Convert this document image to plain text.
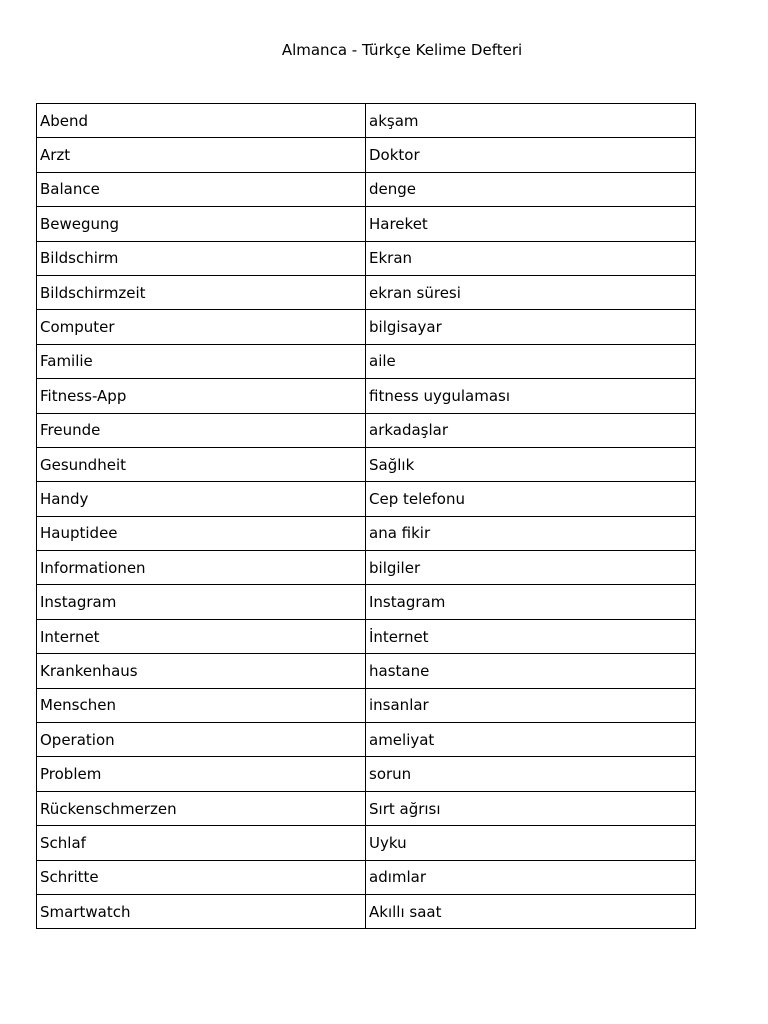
Almanca - Türkçe Kelime Defteri
Abend	akşam
Arzt	Doktor
Balance	denge
Bewegung	Hareket
Bildschirm	Ekran
Bildschirmzeit	ekran süresi
Computer	bilgisayar
Familie	aile
Fitness-App	fitness uygulaması
Freunde	arkadaşlar
Gesundheit	Sağlık
Handy	Cep telefonu
Hauptidee	ana fikir
Informationen	bilgiler
Instagram	Instagram
Internet	İnternet
Krankenhaus	hastane
Menschen	insanlar
Operation	ameliyat
Problem	sorun
Rückenschmerzen	Sırt ağrısı
Schlaf	Uyku
Schritte	adımlar
Smartwatch	Akıllı saat
